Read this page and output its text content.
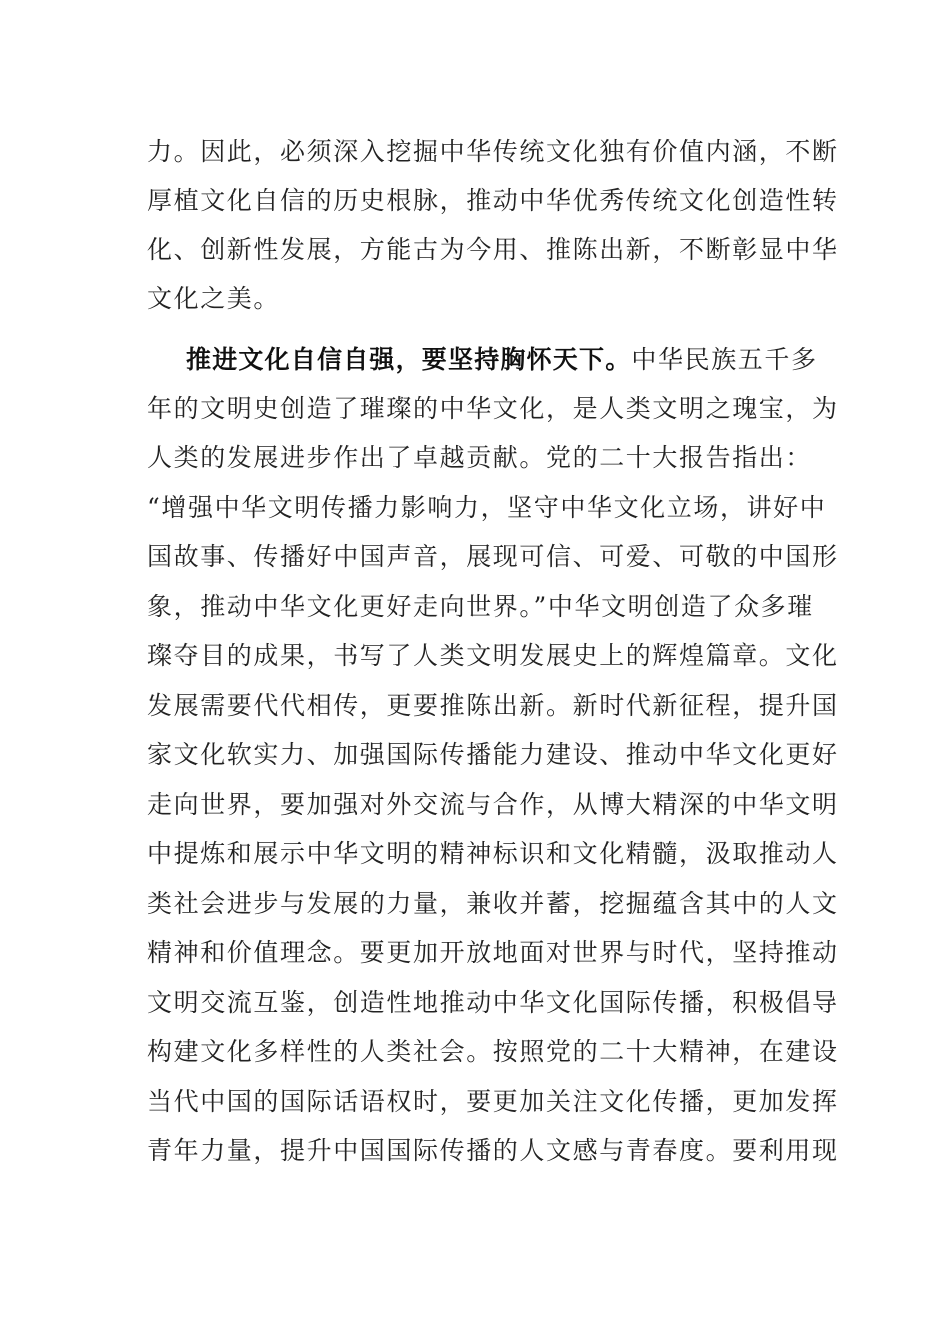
力。因此，必须深入挖掘中华传统文化独有价值内涵，不断
厚植文化自信的历史根脉，推动中华优秀传统文化创造性转
化、创新性发展，方能古为今用、推陈出新，不断彰显中华
文化之美。
推进文化自信自强，要坚持胸怀天下。中华民族五千多
年的文明史创造了璀璨的中华文化，是人类文明之瑰宝，为
人类的发展进步作出了卓越贡献。党的二十大报告指出：
“增强中华文明传播力影响力，坚守中华文化立场，讲好中
国故事、传播好中国声音，展现可信、可爱、可敬的中国形
象，推动中华文化更好走向世界。”中华文明创造了众多璀
璨夺目的成果，书写了人类文明发展史上的辉煌篇章。文化
发展需要代代相传，更要推陈出新。新时代新征程，提升国
家文化软实力、加强国际传播能力建设、推动中华文化更好
走向世界，要加强对外交流与合作，从博大精深的中华文明
中提炼和展示中华文明的精神标识和文化精髓，汲取推动人
类社会进步与发展的力量，兼收并蓄，挖掘蕴含其中的人文
精神和价值理念。要更加开放地面对世界与时代，坚持推动
文明交流互鉴，创造性地推动中华文化国际传播，积极倡导
构建文化多样性的人类社会。按照党的二十大精神，在建设
当代中国的国际话语权时，要更加关注文化传播，更加发挥
青年力量，提升中国国际传播的人文感与青春度。要利用现
